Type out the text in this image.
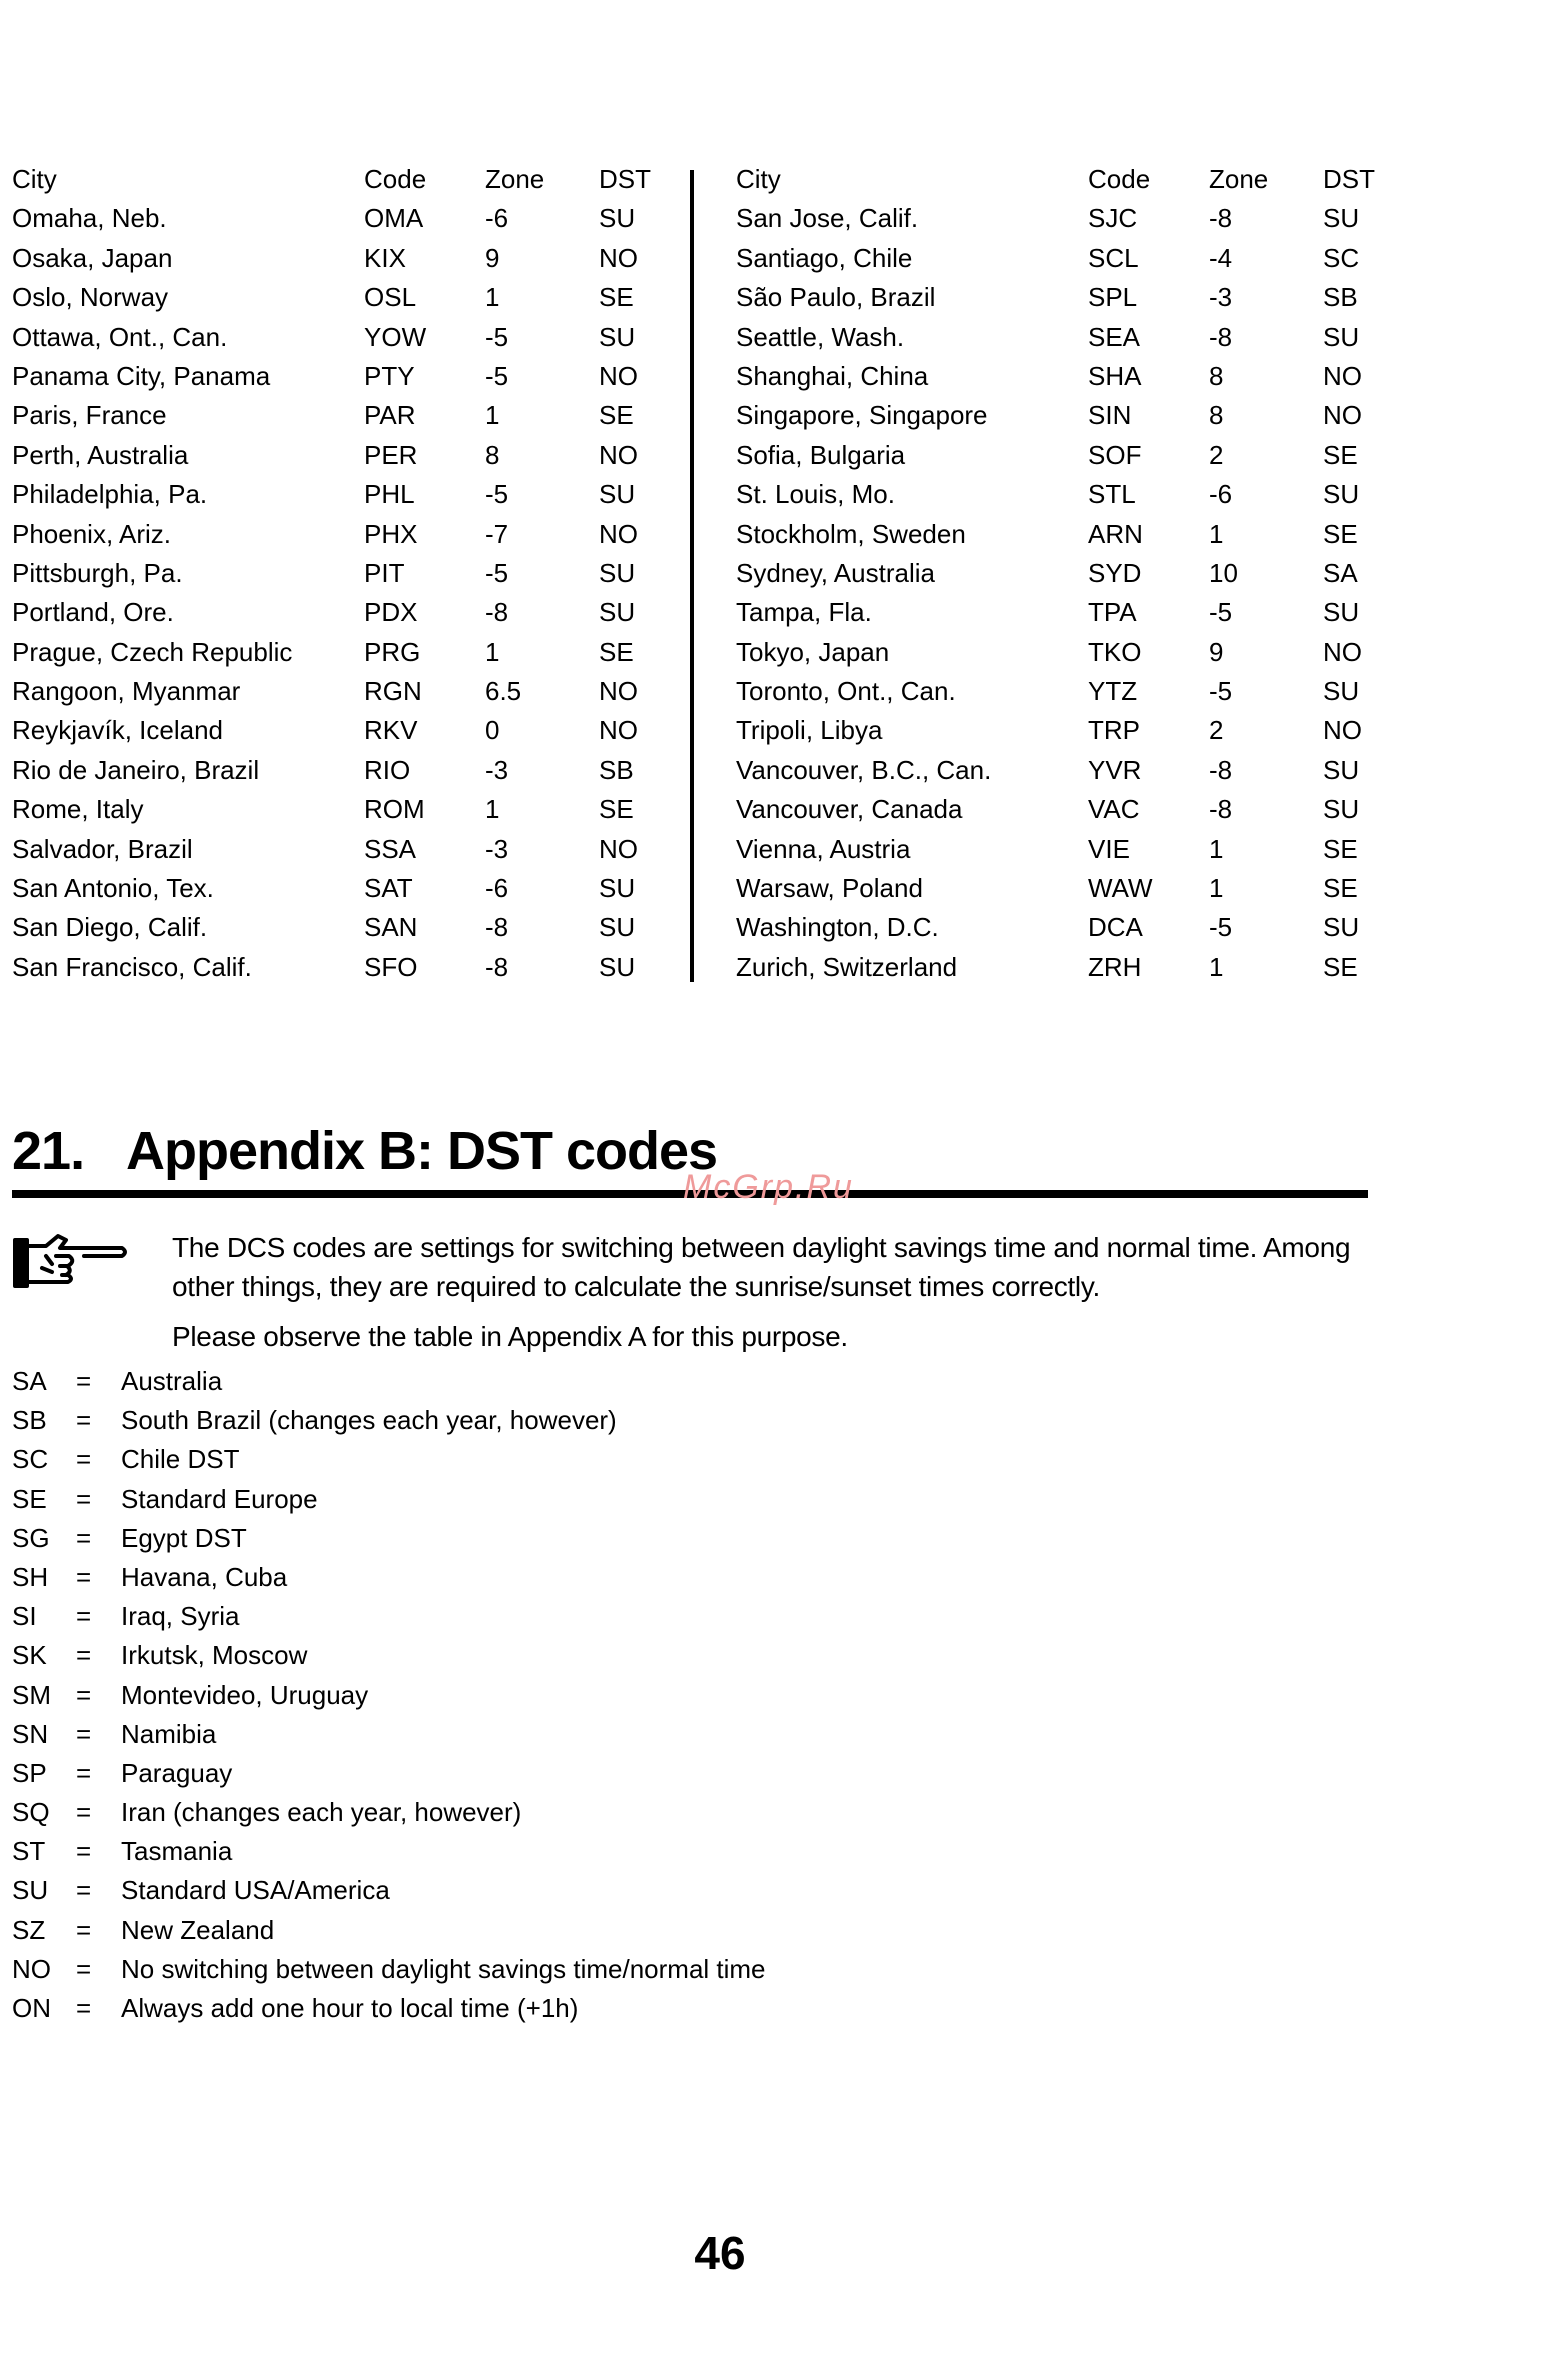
City	Code Zone DST
Omaha, Neb.	OMA -6	SU
Osaka, Japan	KIX	9	NO
Oslo, Norway	OSL	1	SE
Ottawa, Ont., Can.	YOW -5	SU
Panama City, Panama	PTY	-5	NO
Paris, France	PAR	1	SE
Perth, Australia	PER	8	NO
Philadelphia, Pa.	PHL	-5	SU
Phoenix, Ariz.	PHX	-7	NO
Pittsburgh, Pa.	PIT	-5	SU
Portland, Ore.	PDX	-8	SU
Prague, Czech Republic	PRG 1	SE
Rangoon, Myanmar	RGN 6.5	NO
Reykjavík, Iceland	RKV	0	NO
Rio de Janeiro, Brazil	RIO	-3	SB
Rome, Italy	ROM 1	SE
Salvador, Brazil	SSA	-3	NO
San Antonio, Tex.	SAT	-6	SU
San Diego, Calif.	SAN	-8	SU
San Francisco, Calif.	SFO	-8	SU
City	Code Zone DST
San Jose, Calif.	SJC	-8	SU
Santiago, Chile	SCL	-4	SC
São Paulo, Brazil	SPL	-3	SB
Seattle, Wash.	SEA	-8	SU
Shanghai, China	SHA	8	NO
Singapore, Singapore	SIN	8	NO
Sofia, Bulgaria	SOF	2	SE
St. Louis, Mo.	STL	-6	SU
Stockholm, Sweden	ARN	1	SE
Sydney, Australia	SYD	10	SA
Tampa, Fla.	TPA	-5	SU
Tokyo, Japan	TKO	9	NO
Toronto, Ont., Can.	YTZ	-5	SU
Tripoli, Libya	TRP	2	NO
Vancouver, B.C., Can.	YVR	-8	SU
Vancouver, Canada	VAC	-8	SU
Vienna, Austria	VIE	1	SE
Warsaw, Poland	WAW 1	SE
Washington, D.C.	DCA	-5	SU
Zurich, Switzerland	ZRH	1	SE
21. Appendix B: DST codes
McGrp.Ru

The DCS codes are settings for switching between daylight savings time and normal time. Among other things, they are required to calculate the sunrise/sunset times correctly.

Please observe the table in Appendix A for this purpose.

SA = Australia
SB = South Brazil (changes each year, however)
SC = Chile DST
SE = Standard Europe
SG = Egypt DST
SH = Havana, Cuba
SI = Iraq, Syria
SK = Irkutsk, Moscow
SM = Montevideo, Uruguay
SN = Namibia
SP = Paraguay
SQ = Iran (changes each year, however)
ST = Tasmania
SU = Standard USA/America
SZ = New Zealand
NO = No switching between daylight savings time/normal time
ON = Always add one hour to local time (+1h)
46
